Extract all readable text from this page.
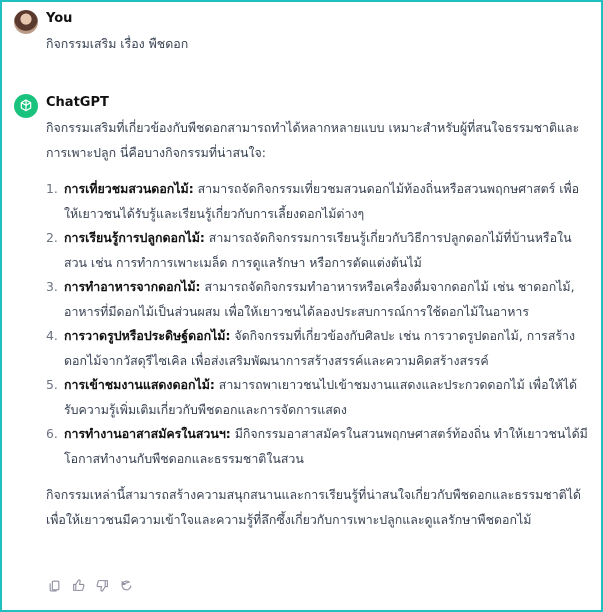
You

กิจกรรมเสริม เรื่อง พืชดอก

ChatGPT

กิจกรรมเสริมที่เกี่ยวข้องกับพืชดอกสามารถทำได้หลากหลายแบบ เหมาะสำหรับผู้ที่สนใจธรรมชาติและการเพาะปลูก นี่คือบางกิจกรรมที่น่าสนใจ:

1. การเที่ยวชมสวนดอกไม้: สามารถจัดกิจกรรมเที่ยวชมสวนดอกไม้ท้องถิ่นหรือสวนพฤกษศาสตร์ เพื่อให้เยาวชนได้รับรู้และเรียนรู้เกี่ยวกับการเลี้ยงดอกไม้ต่างๆ
2. การเรียนรู้การปลูกดอกไม้: สามารถจัดกิจกรรมการเรียนรู้เกี่ยวกับวิธีการปลูกดอกไม้ที่บ้านหรือในสวน เช่น การทำการเพาะเมล็ด การดูแลรักษา หรือการตัดแต่งต้นไม้
3. การทำอาหารจากดอกไม้: สามารถจัดกิจกรรมทำอาหารหรือเครื่องดื่มจากดอกไม้ เช่น ชาดอกไม้, อาหารที่มีดอกไม้เป็นส่วนผสม เพื่อให้เยาวชนได้ลองประสบการณ์การใช้ดอกไม้ในอาหาร
4. การวาดรูปหรือประดิษฐ์ดอกไม้: จัดกิจกรรมที่เกี่ยวข้องกับศิลปะ เช่น การวาดรูปดอกไม้, การสร้างดอกไม้จากวัสดุรีไซเคิล เพื่อส่งเสริมพัฒนาการสร้างสรรค์และความคิดสร้างสรรค์
5. การเข้าชมงานแสดงดอกไม้: สามารถพาเยาวชนไปเข้าชมงานแสดงและประกวดดอกไม้ เพื่อให้ได้รับความรู้เพิ่มเติมเกี่ยวกับพืชดอกและการจัดการแสดง
6. การทำงานอาสาสมัครในสวนฯ: มีกิจกรรมอาสาสมัครในสวนพฤกษศาสตร์ท้องถิ่น ทำให้เยาวชนได้มีโอกาสทำงานกับพืชดอกและธรรมชาติในสวน

กิจกรรมเหล่านี้สามารถสร้างความสนุกสนานและการเรียนรู้ที่น่าสนใจเกี่ยวกับพืชดอกและธรรมชาติได้ เพื่อให้เยาวชนมีความเข้าใจและความรู้ที่ลึกซึ้งเกี่ยวกับการเพาะปลูกและดูแลรักษาพืชดอกไม้
